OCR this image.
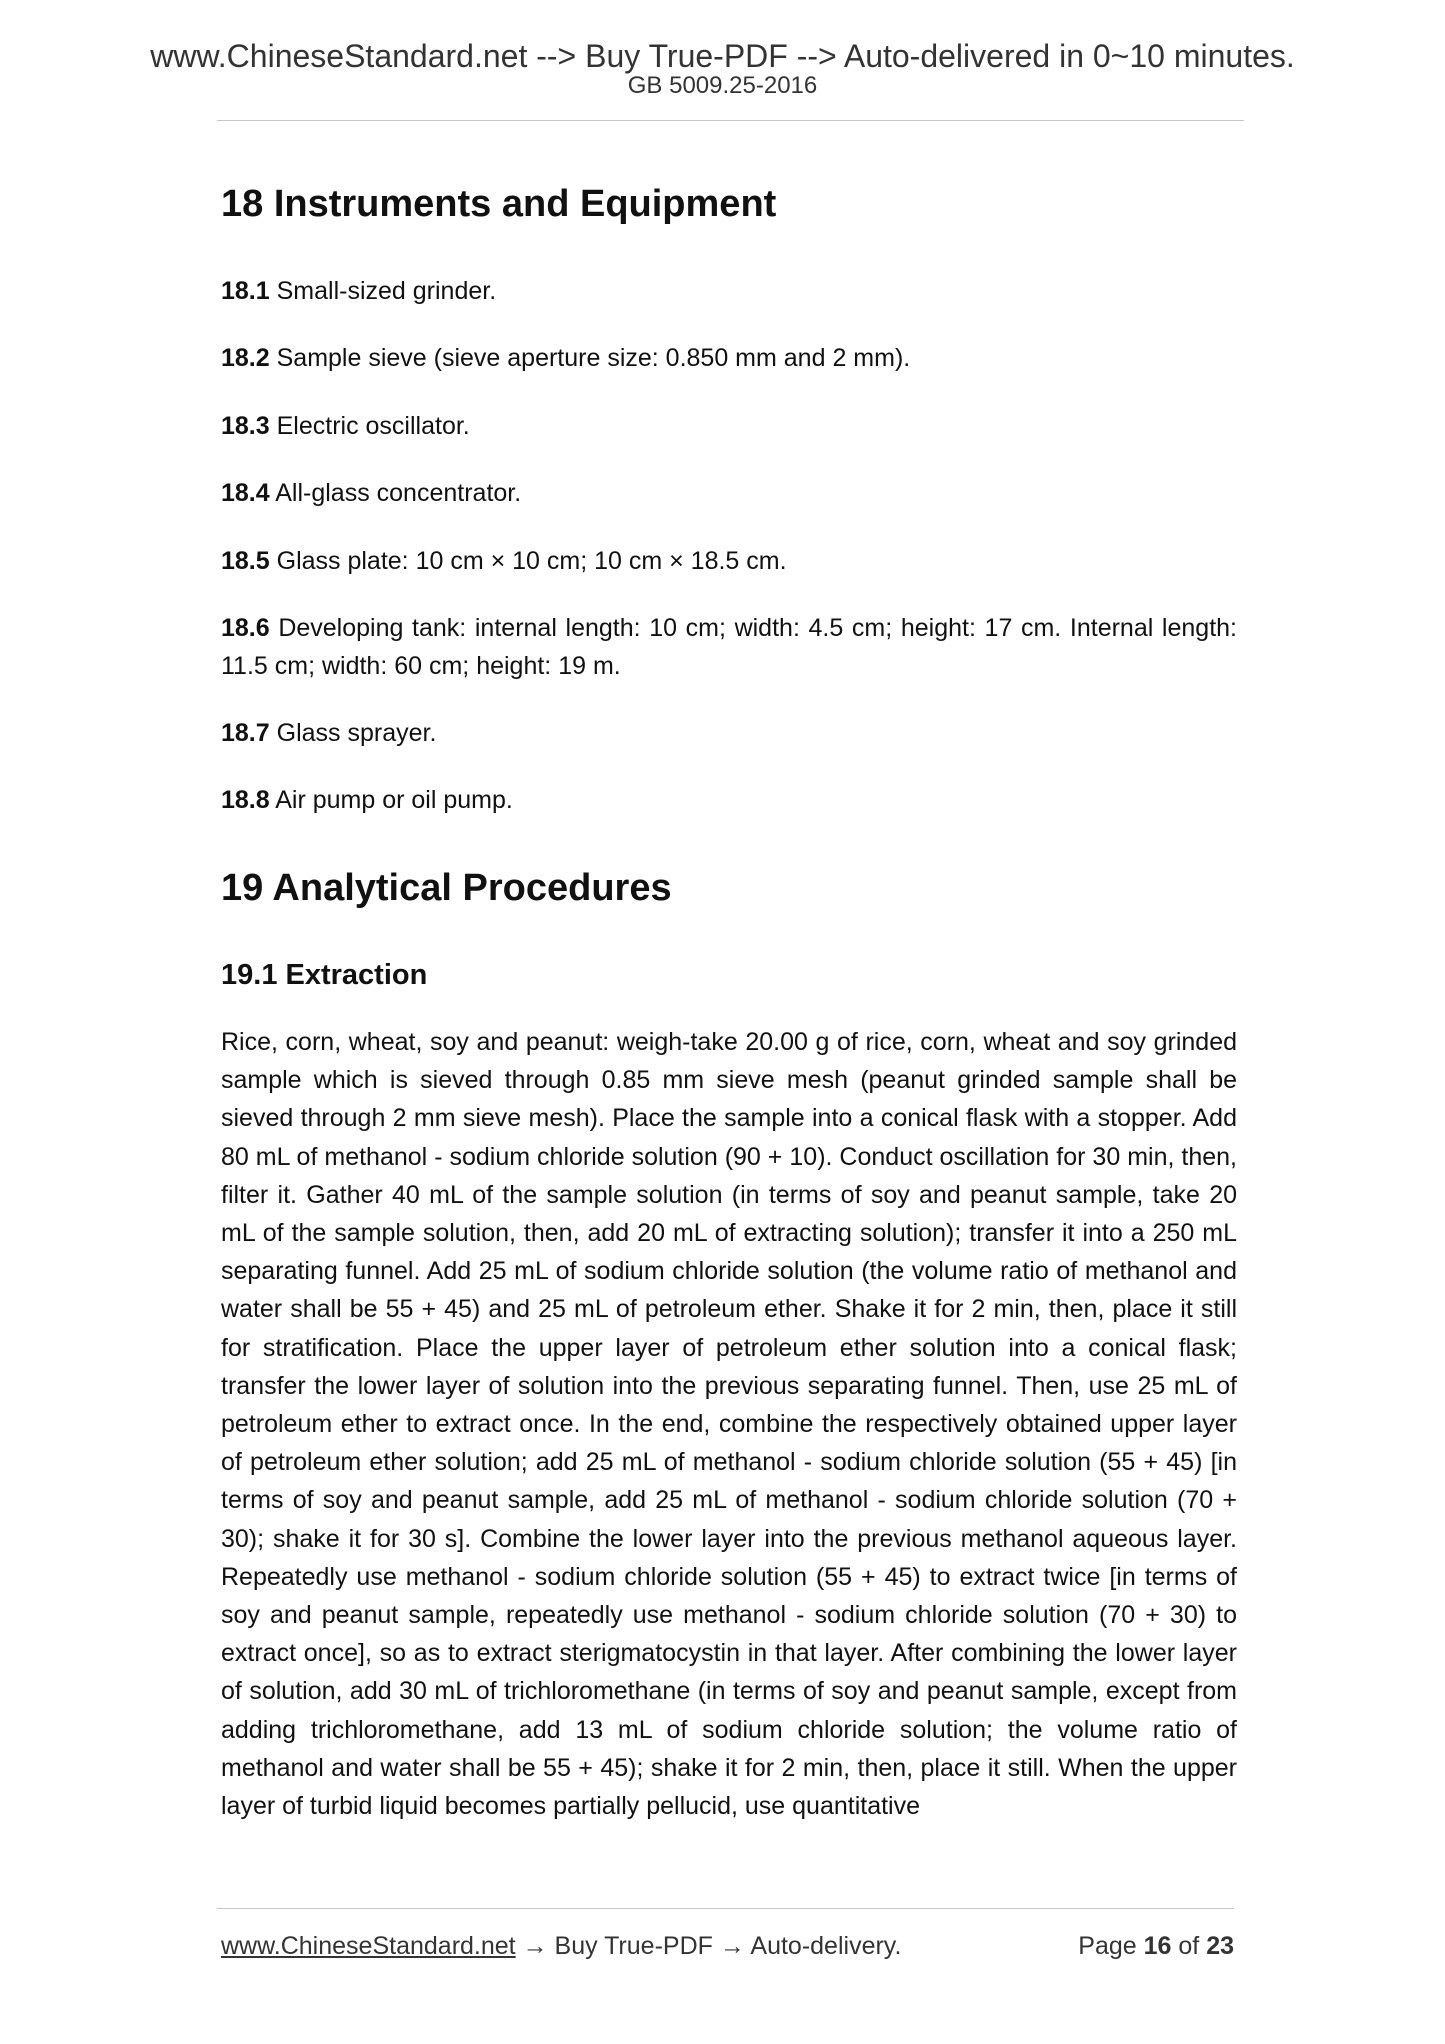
www.ChineseStandard.net --> Buy True-PDF --> Auto-delivered in 0~10 minutes.
GB 5009.25-2016
18 Instruments and Equipment
18.1 Small-sized grinder.
18.2 Sample sieve (sieve aperture size: 0.850 mm and 2 mm).
18.3 Electric oscillator.
18.4 All-glass concentrator.
18.5 Glass plate: 10 cm × 10 cm; 10 cm × 18.5 cm.
18.6 Developing tank: internal length: 10 cm; width: 4.5 cm; height: 17 cm. Internal length: 11.5 cm; width: 60 cm; height: 19 m.
18.7 Glass sprayer.
18.8 Air pump or oil pump.
19 Analytical Procedures
19.1 Extraction

Rice, corn, wheat, soy and peanut: weigh-take 20.00 g of rice, corn, wheat and soy grinded sample which is sieved through 0.85 mm sieve mesh (peanut grinded sample shall be sieved through 2 mm sieve mesh). Place the sample into a conical flask with a stopper. Add 80 mL of methanol - sodium chloride solution (90 + 10). Conduct oscillation for 30 min, then, filter it. Gather 40 mL of the sample solution (in terms of soy and peanut sample, take 20 mL of the sample solution, then, add 20 mL of extracting solution); transfer it into a 250 mL separating funnel. Add 25 mL of sodium chloride solution (the volume ratio of methanol and water shall be 55 + 45) and 25 mL of petroleum ether. Shake it for 2 min, then, place it still for stratification. Place the upper layer of petroleum ether solution into a conical flask; transfer the lower layer of solution into the previous separating funnel. Then, use 25 mL of petroleum ether to extract once. In the end, combine the respectively obtained upper layer of petroleum ether solution; add 25 mL of methanol - sodium chloride solution (55 + 45) [in terms of soy and peanut sample, add 25 mL of methanol - sodium chloride solution (70 + 30); shake it for 30 s]. Combine the lower layer into the previous methanol aqueous layer. Repeatedly use methanol - sodium chloride solution (55 + 45) to extract twice [in terms of soy and peanut sample, repeatedly use methanol - sodium chloride solution (70 + 30) to extract once], so as to extract sterigmatocystin in that layer. After combining the lower layer of solution, add 30 mL of trichloromethane (in terms of soy and peanut sample, except from adding trichloromethane, add 13 mL of sodium chloride solution; the volume ratio of methanol and water shall be 55 + 45); shake it for 2 min, then, place it still. When the upper layer of turbid liquid becomes partially pellucid, use quantitative

www.ChineseStandard.net → Buy True-PDF → Auto-delivery.	Page 16 of 23
